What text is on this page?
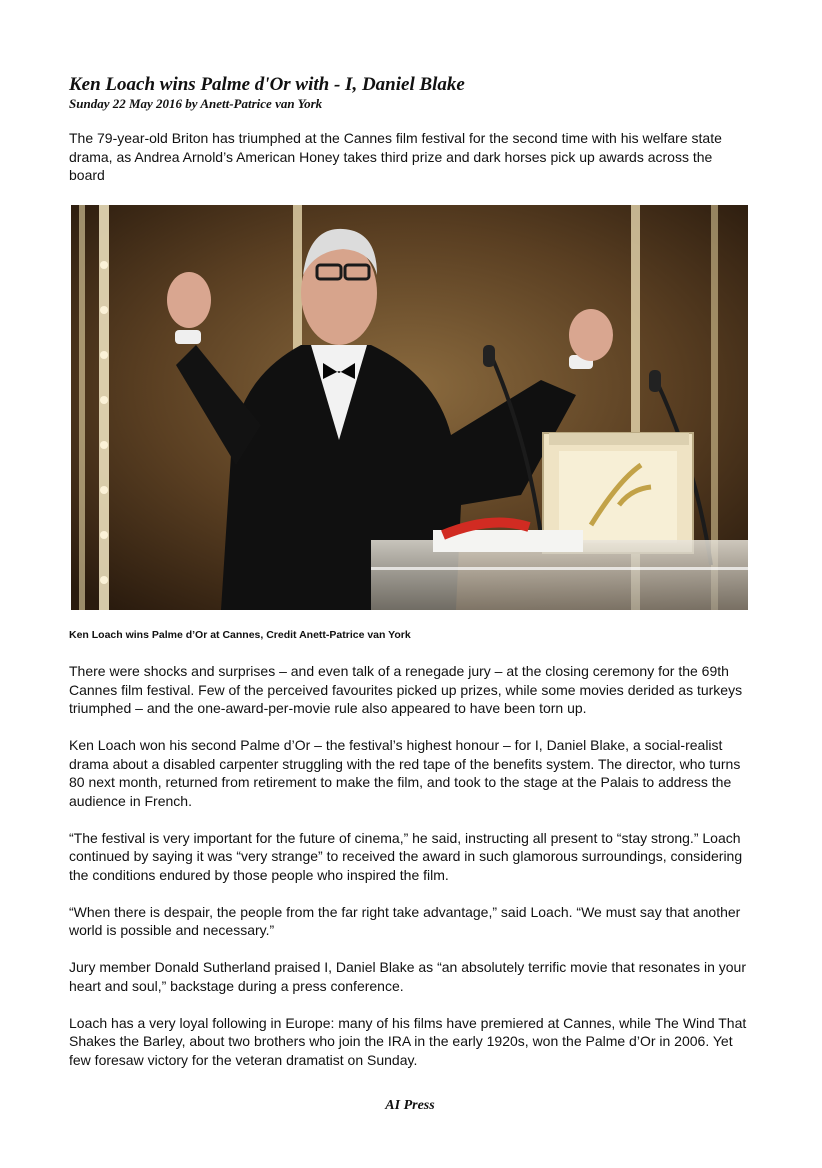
Ken Loach wins Palme d'Or with - I, Daniel Blake

Sunday 22 May 2016 by Anett-Patrice van York

The 79-year-old Briton has triumphed at the Cannes film festival for the second time with his welfare state drama, as Andrea Arnold’s American Honey takes third prize and dark horses pick up awards across the board

Ken Loach wins Palme d’Or at Cannes, Credit Anett-Patrice van York

There were shocks and surprises – and even talk of a renegade jury – at the closing ceremony for the 69th Cannes film festival. Few of the perceived favourites picked up prizes, while some movies derided as turkeys triumphed – and the one-award-per-movie rule also appeared to have been torn up.

Ken Loach won his second Palme d’Or – the festival’s highest honour – for I, Daniel Blake, a social-realist drama about a disabled carpenter struggling with the red tape of the benefits system. The director, who turns 80 next month, returned from retirement to make the film, and took to the stage at the Palais to address the audience in French.

“The festival is very important for the future of cinema,” he said, instructing all present to “stay strong.” Loach continued by saying it was “very strange” to received the award in such glamorous surroundings, considering the conditions endured by those people who inspired the film.

“When there is despair, the people from the far right take advantage,” said Loach. “We must say that another world is possible and necessary.”

Jury member Donald Sutherland praised I, Daniel Blake as “an absolutely terrific movie that resonates in your heart and soul,” backstage during a press conference.

Loach has a very loyal following in Europe: many of his films have premiered at Cannes, while The Wind That Shakes the Barley, about two brothers who join the IRA in the early 1920s, won the Palme d’Or in 2006. Yet few foresaw victory for the veteran dramatist on Sunday.

AI Press
